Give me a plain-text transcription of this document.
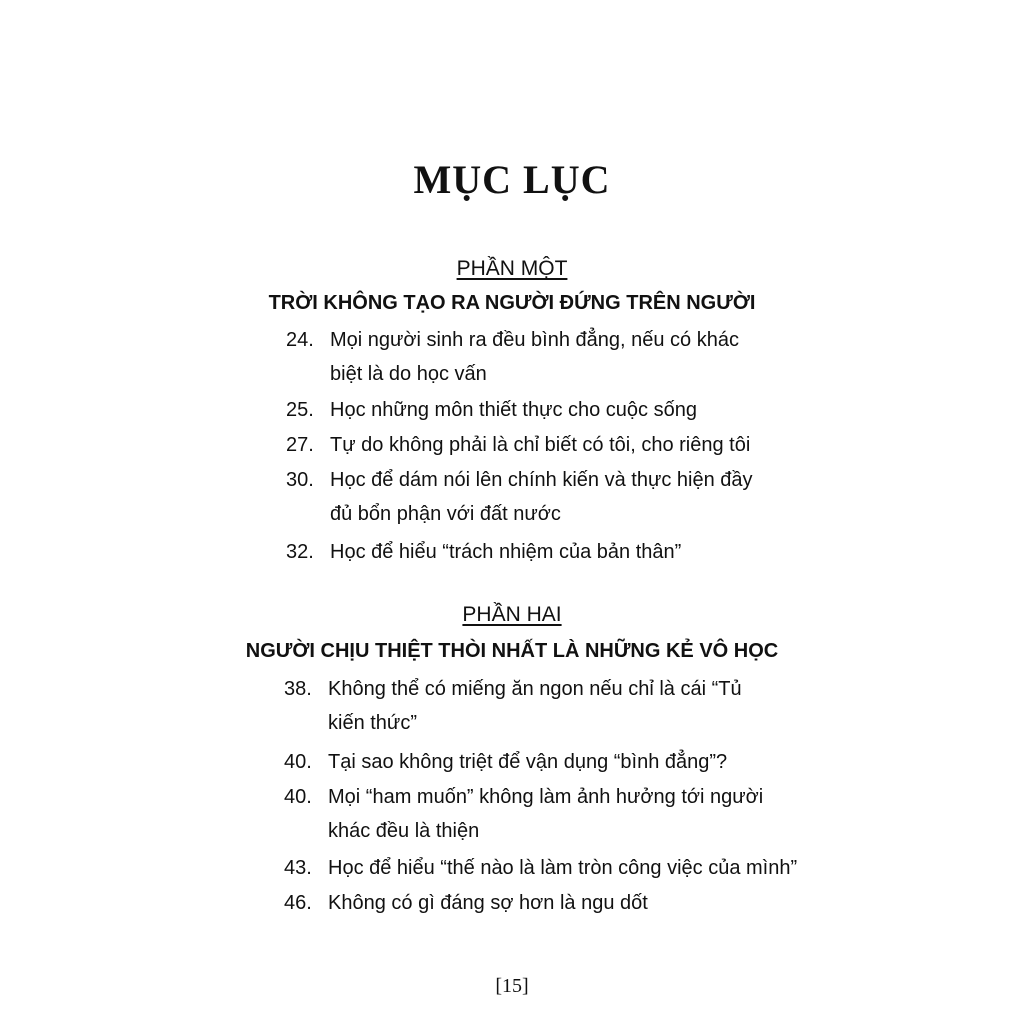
MỤC LỤC
PHẦN MỘT
TRỜI KHÔNG TẠO RA NGƯỜI ĐỨNG TRÊN NGƯỜI
24. Mọi người sinh ra đều bình đẳng, nếu có khác biệt là do học vấn
25. Học những môn thiết thực cho cuộc sống
27. Tự do không phải là chỉ biết có tôi, cho riêng tôi
30. Học để dám nói lên chính kiến và thực hiện đầy đủ bổn phận với đất nước
32. Học để hiểu “trách nhiệm của bản thân”
PHẦN HAI
NGƯỜI CHỊU THIỆT THÒI NHẤT LÀ NHỮNG KẺ VÔ HỌC
38. Không thể có miếng ăn ngon nếu chỉ là cái “Tủ kiến thức”
40. Tại sao không triệt để vận dụng “bình đẳng”?
40. Mọi “ham muốn” không làm ảnh hưởng tới người khác đều là thiện
43. Học để hiểu “thế nào là làm tròn công việc của mình”
46. Không có gì đáng sợ hơn là ngu dốt
[15]
